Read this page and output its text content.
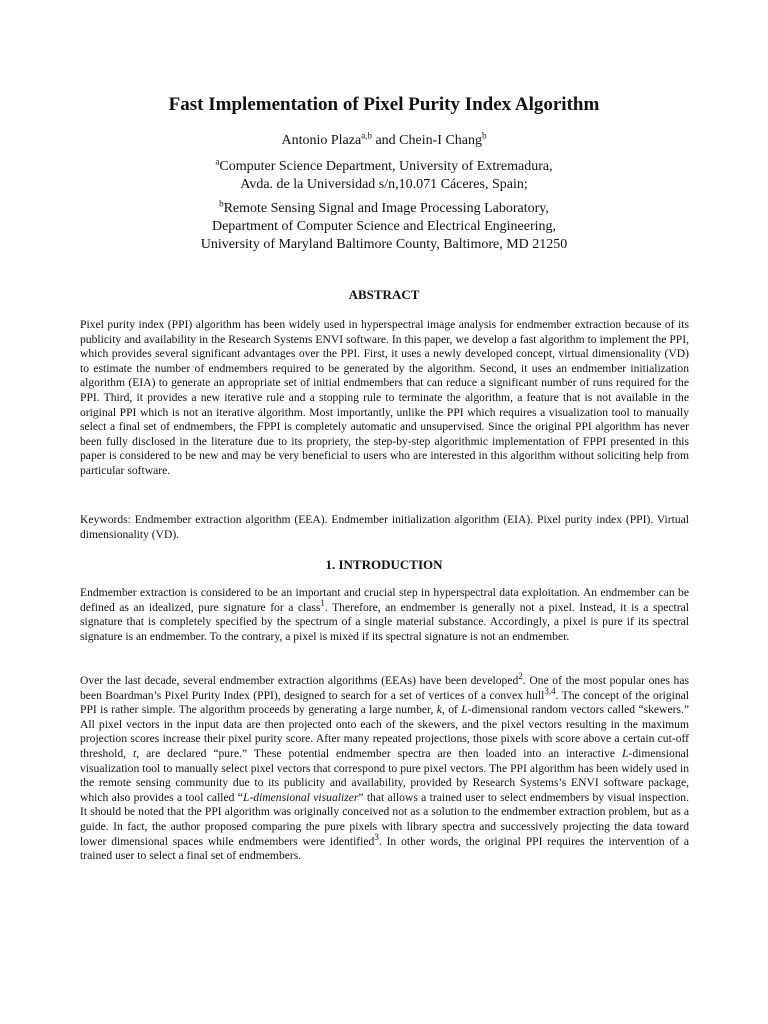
Fast Implementation of Pixel Purity Index Algorithm
Antonio Plaza$^{a,b}$ and Chein-I Chang$^b$
$^a$Computer Science Department, University of Extremadura,
Avda. de la Universidad s/n,10.071 Cáceres, Spain;
$^b$Remote Sensing Signal and Image Processing Laboratory,
Department of Computer Science and Electrical Engineering,
University of Maryland Baltimore County, Baltimore, MD 21250
ABSTRACT

Pixel purity index (PPI) algorithm has been widely used in hyperspectral image analysis for endmember extraction because of its publicity and availability in the Research Systems ENVI software. In this paper, we develop a fast algorithm to implement the PPI, which provides several significant advantages over the PPI. First, it uses a newly developed concept, virtual dimensionality (VD) to estimate the number of endmembers required to be generated by the algorithm. Second, it uses an endmember initialization algorithm (EIA) to generate an appropriate set of initial endmembers that can reduce a significant number of runs required for the PPI. Third, it provides a new iterative rule and a stopping rule to terminate the algorithm, a feature that is not available in the original PPI which is not an iterative algorithm. Most importantly, unlike the PPI which requires a visualization tool to manually select a final set of endmembers, the FPPI is completely automatic and unsupervised. Since the original PPI algorithm has never been fully disclosed in the literature due to its propriety, the step-by-step algorithmic implementation of FPPI presented in this paper is considered to be new and may be very beneficial to users who are interested in this algorithm without soliciting help from particular software.

Keywords: Endmember extraction algorithm (EEA). Endmember initialization algorithm (EIA). Pixel purity index (PPI). Virtual dimensionality (VD).

1. INTRODUCTION

Endmember extraction is considered to be an important and crucial step in hyperspectral data exploitation. An endmember can be defined as an idealized, pure signature for a class$^1$. Therefore, an endmember is generally not a pixel. Instead, it is a spectral signature that is completely specified by the spectrum of a single material substance. Accordingly, a pixel is pure if its spectral signature is an endmember. To the contrary, a pixel is mixed if its spectral signature is not an endmember.

Over the last decade, several endmember extraction algorithms (EEAs) have been developed$^2$. One of the most popular ones has been Boardman’s Pixel Purity Index (PPI), designed to search for a set of vertices of a convex hull$^{3,4}$. The concept of the original PPI is rather simple. The algorithm proceeds by generating a large number, k, of L-dimensional random vectors called “skewers.” All pixel vectors in the input data are then projected onto each of the skewers, and the pixel vectors resulting in the maximum projection scores increase their pixel purity score. After many repeated projections, those pixels with score above a certain cut-off threshold, t, are declared “pure.” These potential endmember spectra are then loaded into an interactive L-dimensional visualization tool to manually select pixel vectors that correspond to pure pixel vectors. The PPI algorithm has been widely used in the remote sensing community due to its publicity and availability, provided by Research Systems’s ENVI software package, which also provides a tool called “L-dimensional visualizer” that allows a trained user to select endmembers by visual inspection. It should be noted that the PPI algorithm was originally conceived not as a solution to the endmember extraction problem, but as a guide. In fact, the author proposed comparing the pure pixels with library spectra and successively projecting the data toward lower dimensional spaces while endmembers were identified$^3$. In other words, the original PPI requires the intervention of a trained user to select a final set of endmembers.
